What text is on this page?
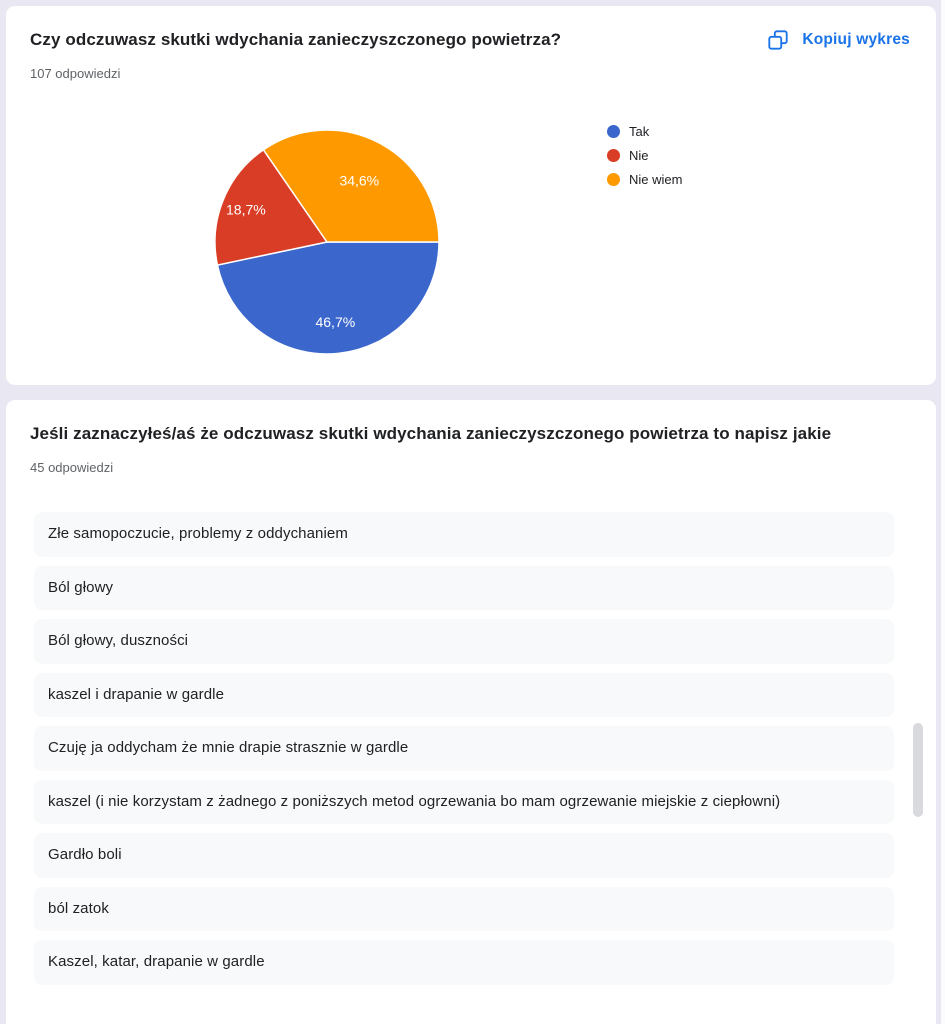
Czy odczuwasz skutki wdychania zanieczyszczonego powietrza?
107 odpowiedzi
Kopiuj wykres
46,7%
18,7%
34,6%
Tak
Nie
Nie wiem
Jeśli zaznaczyłeś/aś że odczuwasz skutki wdychania zanieczyszczonego powietrza to napisz jakie
45 odpowiedzi
Złe samopoczucie, problemy z oddychaniem
Ból głowy
Ból głowy, duszności
kaszel i drapanie w gardle
Czuję ja oddycham że mnie drapie strasznie w gardle
kaszel (i nie korzystam z żadnego z poniższych metod ogrzewania bo mam ogrzewanie miejskie z ciepłowni)
Gardło boli
ból zatok
Kaszel, katar, drapanie w gardle
